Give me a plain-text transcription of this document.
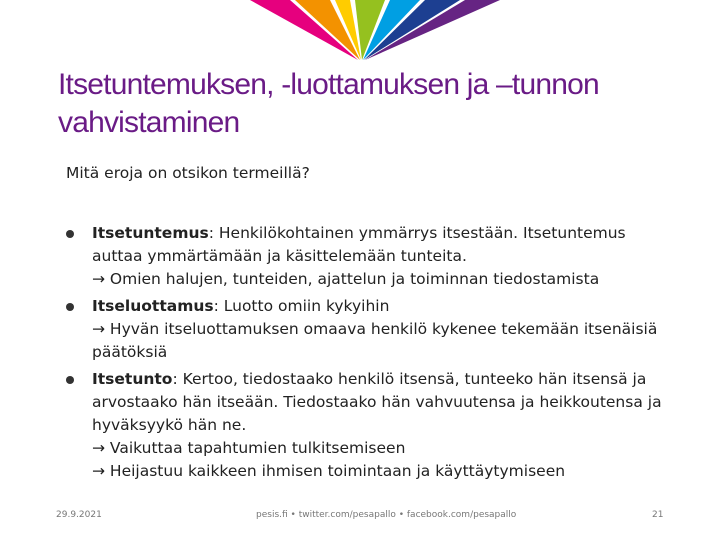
Itsetuntemuksen, -luottamuksen ja –tunnon vahvistaminen
Mitä eroja on otsikon termeillä?
Itsetuntemus: Henkilökohtainen ymmärrys itsestään. Itsetuntemus auttaa ymmärtämään ja käsittelemään tunteita.
→ Omien halujen, tunteiden, ajattelun ja toiminnan tiedostamista
Itseluottamus: Luotto omiin kykyihin
→ Hyvän itseluottamuksen omaava henkilö kykenee tekemään itsenäisiä päätöksiä
Itsetunto: Kertoo, tiedostaako henkilö itsensä, tunteeko hän itsensä ja arvostaako hän itseään. Tiedostaako hän vahvuutensa ja heikkoutensa ja hyväksyykö hän ne.
→ Vaikuttaa tapahtumien tulkitsemiseen
→ Heijastuu kaikkeen ihmisen toimintaan ja käyttäytymiseen
29.9.2021	pesis.fi • twitter.com/pesapallo • facebook.com/pesapallo	21
